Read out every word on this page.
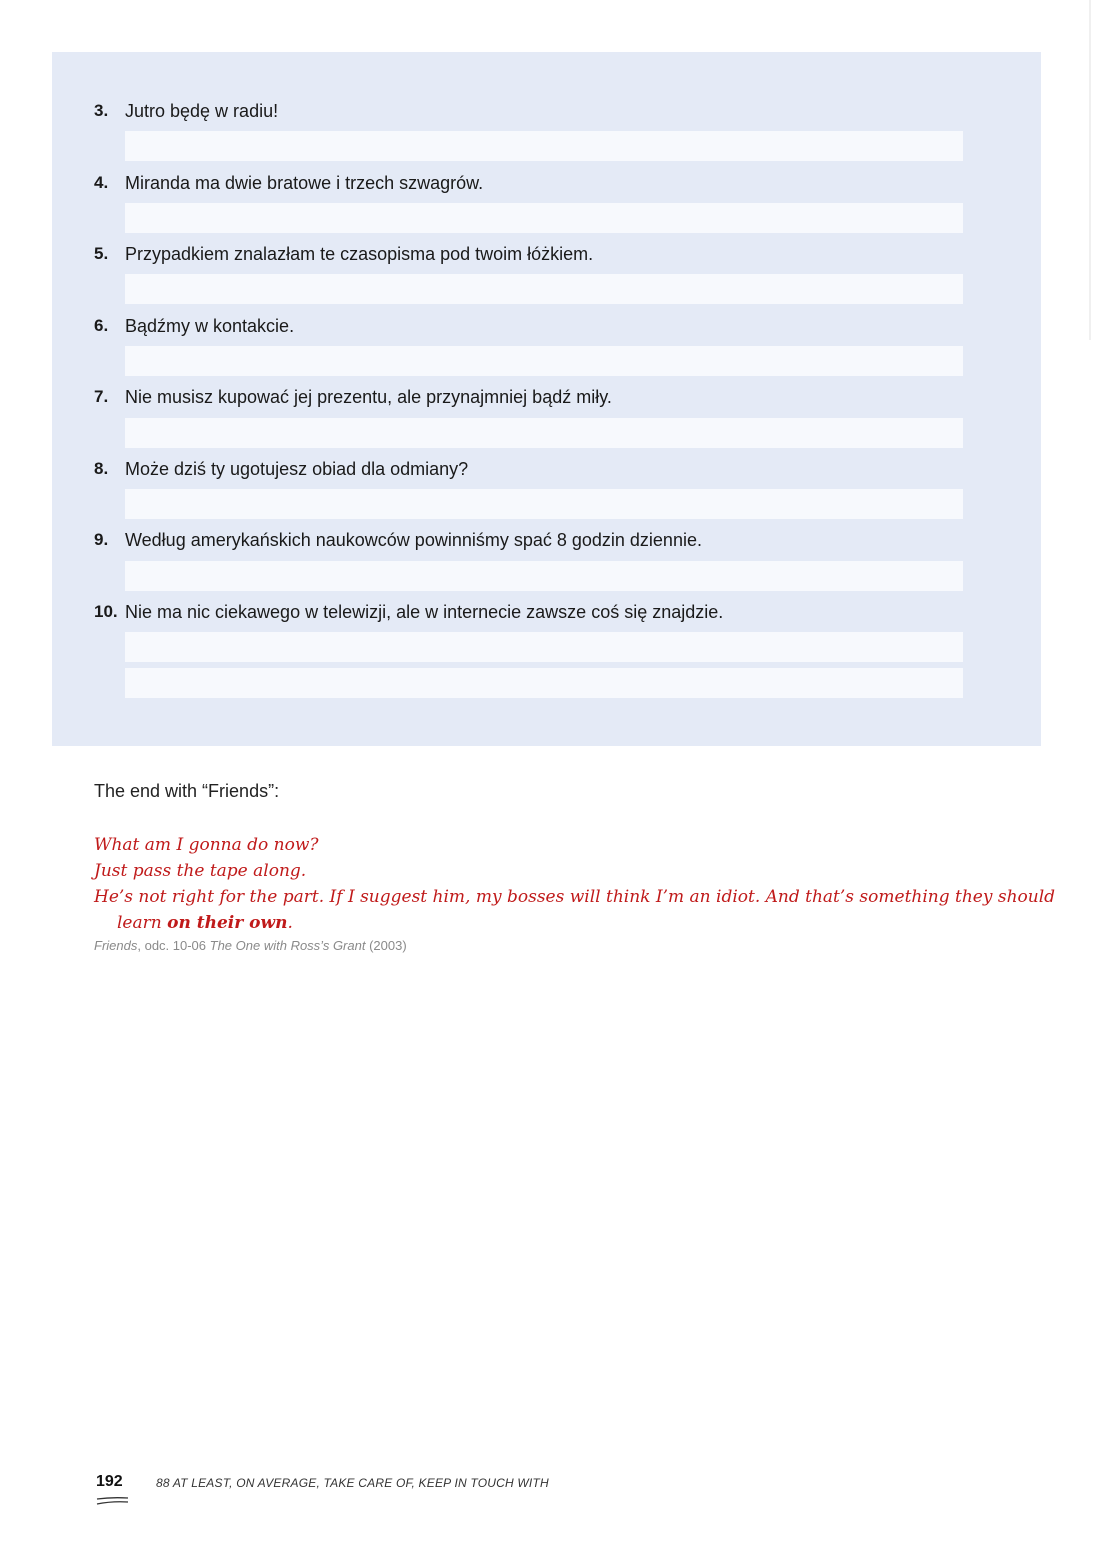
3. Jutro będę w radiu!
4. Miranda ma dwie bratowe i trzech szwagrów.
5. Przypadkiem znalazłam te czasopisma pod twoim łóżkiem.
6. Bądźmy w kontakcie.
7. Nie musisz kupować jej prezentu, ale przynajmniej bądź miły.
8. Może dziś ty ugotujesz obiad dla odmiany?
9. Według amerykańskich naukowców powinniśmy spać 8 godzin dziennie.
10. Nie ma nic ciekawego w telewizji, ale w internecie zawsze coś się znajdzie.
The end with “Friends”:
What am I gonna do now?
Just pass the tape along.
He’s not right for the part. If I suggest him, my bosses will think I’m an idiot. And that’s something they should
learn on their own.
Friends, odc. 10-06 The One with Ross’s Grant (2003)
192	88 AT LEAST, ON AVERAGE, TAKE CARE OF, KEEP IN TOUCH WITH
